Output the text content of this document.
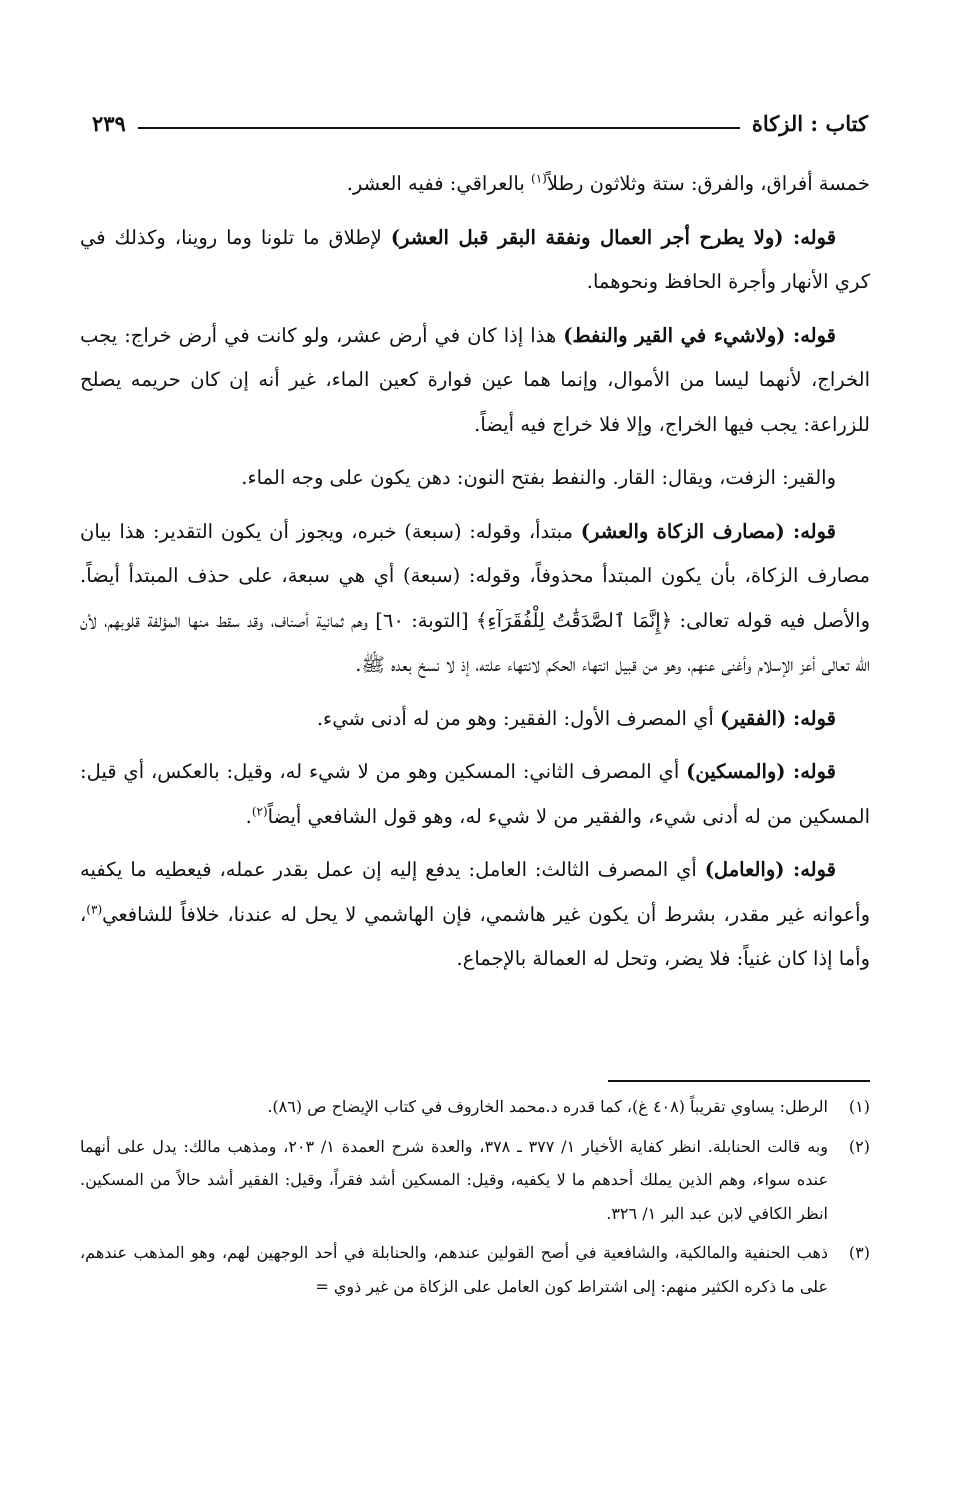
كتاب : الزكاة
٢٣٩

خمسة أفراق، والفرق: ستة وثلاثون رطلاً$^{(١)}$ بالعراقي: ففيه العشر.

قوله: (ولا يطرح أجر العمال ونفقة البقر قبل العشر) لإطلاق ما تلونا وما روينا، وكذلك في كري الأنهار وأجرة الحافظ ونحوهما.

قوله: (ولاشيء في القير والنفط) هذا إذا كان في أرض عشر، ولو كانت في أرض خراج: يجب الخراج، لأنهما ليسا من الأموال، وإنما هما عين فوارة كعين الماء، غير أنه إن كان حريمه يصلح للزراعة: يجب فيها الخراج، وإلا فلا خراج فيه أيضاً.

والقير: الزفت، ويقال: القار. والنفط بفتح النون: دهن يكون على وجه الماء.

قوله: (مصارف الزكاة والعشر) مبتدأ، وقوله: (سبعة) خبره، ويجوز أن يكون التقدير: هذا بيان مصارف الزكاة، بأن يكون المبتدأ محذوفاً، وقوله: (سبعة) أي هي سبعة، على حذف المبتدأ أيضاً. والأصل فيه قوله تعالى: ﴿إِنَّمَا ٱلصَّدَقَٰتُ لِلْفُقَرَآءِ﴾ [التوبة: ٦٠] وهم ثمانية أصناف، وقد سقط منها المؤلفة قلوبهم، لأن الله تعالى أعز الإسلام وأغنى عنهم، وهو من قبيل انتهاء الحكم لانتهاء علته، إذ لا نسخ بعده ﷺ.

قوله: (الفقير) أي المصرف الأول: الفقير: وهو من له أدنى شيء.

قوله: (والمسكين) أي المصرف الثاني: المسكين وهو من لا شيء له، وقيل: بالعكس، أي قيل: المسكين من له أدنى شيء، والفقير من لا شيء له، وهو قول الشافعي أيضاً$^{(٢)}$.

قوله: (والعامل) أي المصرف الثالث: العامل: يدفع إليه إن عمل بقدر عمله، فيعطيه ما يكفيه وأعوانه غير مقدر، بشرط أن يكون غير هاشمي، فإن الهاشمي لا يحل له عندنا، خلافاً للشافعي$^{(٣)}$، وأما إذا كان غنياً: فلا يضر، وتحل له العمالة بالإجماع.

(١)
الرطل: يساوي تقريباً (٤٠٨ غ)، كما قدره د.محمد الخاروف في كتاب الإيضاح ص (٨٦).
(٢)
وبه قالت الحنابلة. انظر كفاية الأخيار ١/ ٣٧٧ ـ ٣٧٨، والعدة شرح العمدة ١/ ٢٠٣، ومذهب مالك: يدل على أنهما عنده سواء، وهم الذين يملك أحدهم ما لا يكفيه، وقيل: المسكين أشد فقراً، وقيل: الفقير أشد حالاً من المسكين. انظر الكافي لابن عبد البر ١/ ٣٢٦.
(٣)
ذهب الحنفية والمالكية، والشافعية في أصح القولين عندهم، والحنابلة في أحد الوجهين لهم، وهو المذهب عندهم، على ما ذكره الكثير منهم: إلى اشتراط كون العامل على الزكاة من غير ذوي =
